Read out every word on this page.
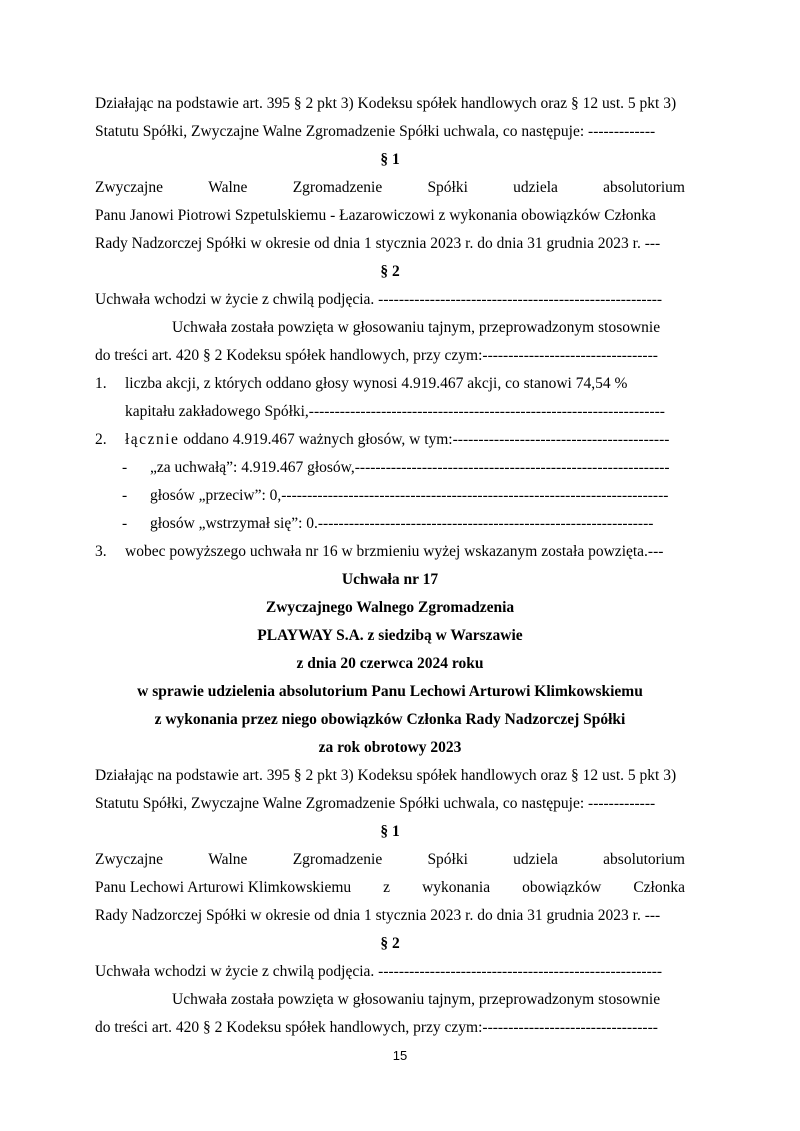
Działając na podstawie art. 395 § 2 pkt 3) Kodeksu spółek handlowych oraz § 12 ust. 5 pkt 3)
Statutu Spółki, Zwyczajne Walne Zgromadzenie Spółki uchwala, co następuje: -------------
§ 1
Zwyczajne	Walne	Zgromadzenie	Spółki	udziela	absolutorium
Panu Janowi Piotrowi Szpetulskiemu - Łazarowiczowi z wykonania obowiązków Członka
Rady Nadzorczej Spółki w okresie od dnia 1 stycznia 2023 r. do dnia 31 grudnia 2023 r. ---
§ 2
Uchwała wchodzi w życie z chwilą podjęcia. -------------------------------------------------------
Uchwała została powzięta w głosowaniu tajnym, przeprowadzonym stosownie
do treści art. 420 § 2 Kodeksu spółek handlowych, przy czym:----------------------------------
1.	liczba akcji, z których oddano głosy wynosi 4.919.467 akcji, co stanowi 74,54 %
kapitału zakładowego Spółki,---------------------------------------------------------------------
2.	łącznie oddano 4.919.467 ważnych głosów, w tym:------------------------------------------
-	„za uchwałą”: 4.919.467 głosów,-------------------------------------------------------------
-	głosów „przeciw”: 0,---------------------------------------------------------------------------
-	głosów „wstrzymał się”: 0.-----------------------------------------------------------------
3.	wobec powyższego uchwała nr 16 w brzmieniu wyżej wskazanym została powzięta.---
Uchwała nr 17
Zwyczajnego Walnego Zgromadzenia
PLAYWAY S.A. z siedzibą w Warszawie
z dnia 20 czerwca 2024 roku
w sprawie udzielenia absolutorium Panu Lechowi Arturowi Klimkowskiemu
z wykonania przez niego obowiązków Członka Rady Nadzorczej Spółki
za rok obrotowy 2023
Działając na podstawie art. 395 § 2 pkt 3) Kodeksu spółek handlowych oraz § 12 ust. 5 pkt 3)
Statutu Spółki, Zwyczajne Walne Zgromadzenie Spółki uchwala, co następuje: -------------
§ 1
Zwyczajne	Walne	Zgromadzenie	Spółki	udziela	absolutorium
Panu Lechowi Arturowi Klimkowskiemu z wykonania obowiązków Członka
Rady Nadzorczej Spółki w okresie od dnia 1 stycznia 2023 r. do dnia 31 grudnia 2023 r. ---
§ 2
Uchwała wchodzi w życie z chwilą podjęcia. -------------------------------------------------------
Uchwała została powzięta w głosowaniu tajnym, przeprowadzonym stosownie
do treści art. 420 § 2 Kodeksu spółek handlowych, przy czym:----------------------------------
15
